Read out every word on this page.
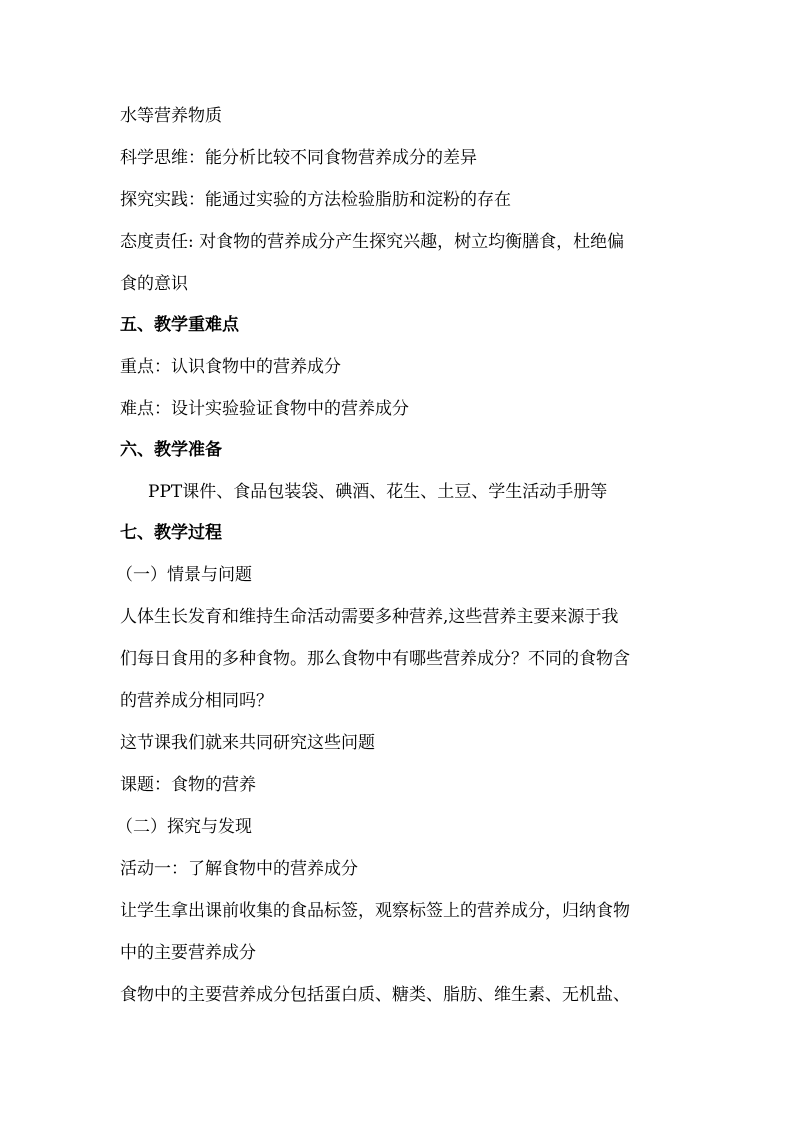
水等营养物质
科学思维：能分析比较不同食物营养成分的差异
探究实践：能通过实验的方法检验脂肪和淀粉的存在
态度责任: 对食物的营养成分产生探究兴趣，树立均衡膳食，杜绝偏
食的意识
五、教学重难点
重点：认识食物中的营养成分
难点：设计实验验证食物中的营养成分
六、教学准备
PPT课件、食品包装袋、碘酒、花生、土豆、学生活动手册等
七、教学过程
（一）情景与问题
人体生长发育和维持生命活动需要多种营养,这些营养主要来源于我
们每日食用的多种食物。那么食物中有哪些营养成分？不同的食物含
的营养成分相同吗？
这节课我们就来共同研究这些问题
课题：食物的营养
（二）探究与发现
活动一：了解食物中的营养成分
让学生拿出课前收集的食品标签，观察标签上的营养成分，归纳食物
中的主要营养成分
食物中的主要营养成分包括蛋白质、糖类、脂肪、维生素、无机盐、
